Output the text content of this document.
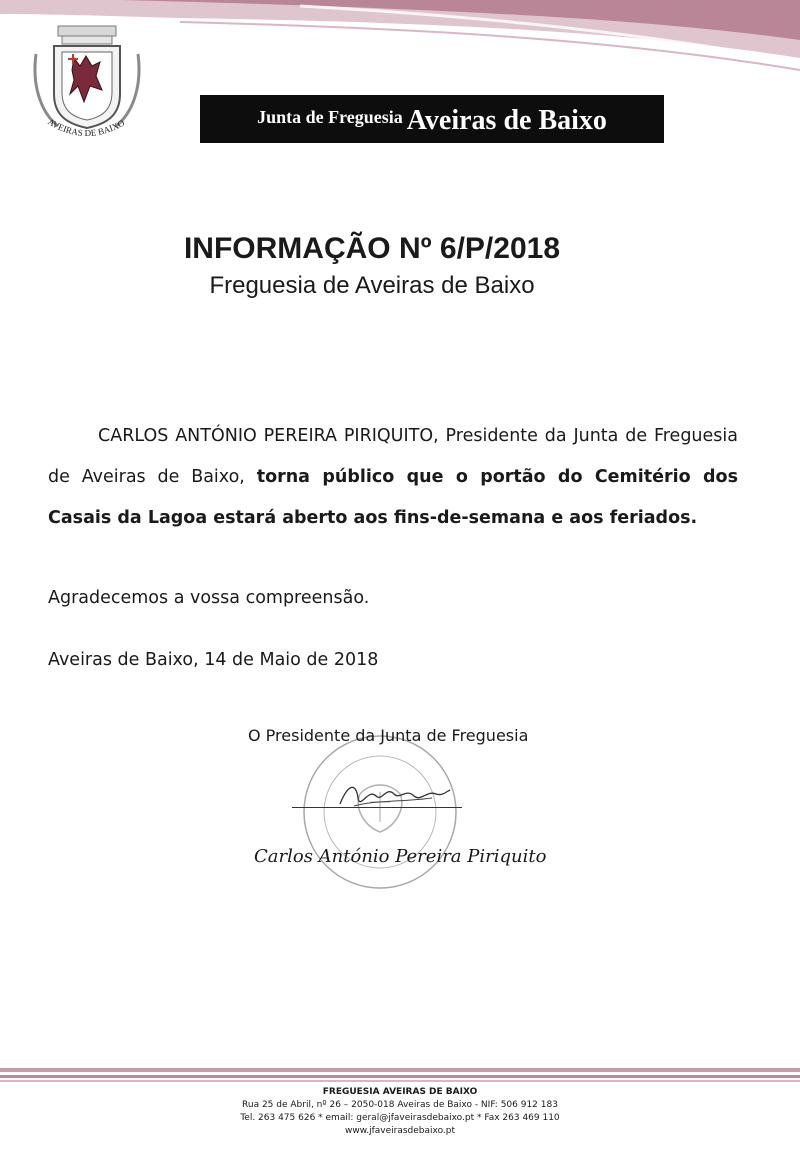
AVEIRAS DE BAIXO	Junta de Freguesia Aveiras de Baixo
INFORMAÇÃO Nº 6/P/2018
Freguesia de Aveiras de Baixo
CARLOS ANTÓNIO PEREIRA PIRIQUITO, Presidente da Junta de Freguesia de Aveiras de Baixo, torna público que o portão do Cemitério dos Casais da Lagoa estará aberto aos fins-de-semana e aos feriados.
Agradecemos a vossa compreensão.
Aveiras de Baixo, 14 de Maio de 2018
O Presidente da Junta de Freguesia
Carlos António Pereira Piriquito
FREGUESIA AVEIRAS DE BAIXO
Rua 25 de Abril, nº 26 – 2050-018 Aveiras de Baixo - NIF: 506 912 183
Tel. 263 475 626 * email: geral@jfaveirasdebaixo.pt * Fax 263 469 110
www.jfaveirasdebaixo.pt
